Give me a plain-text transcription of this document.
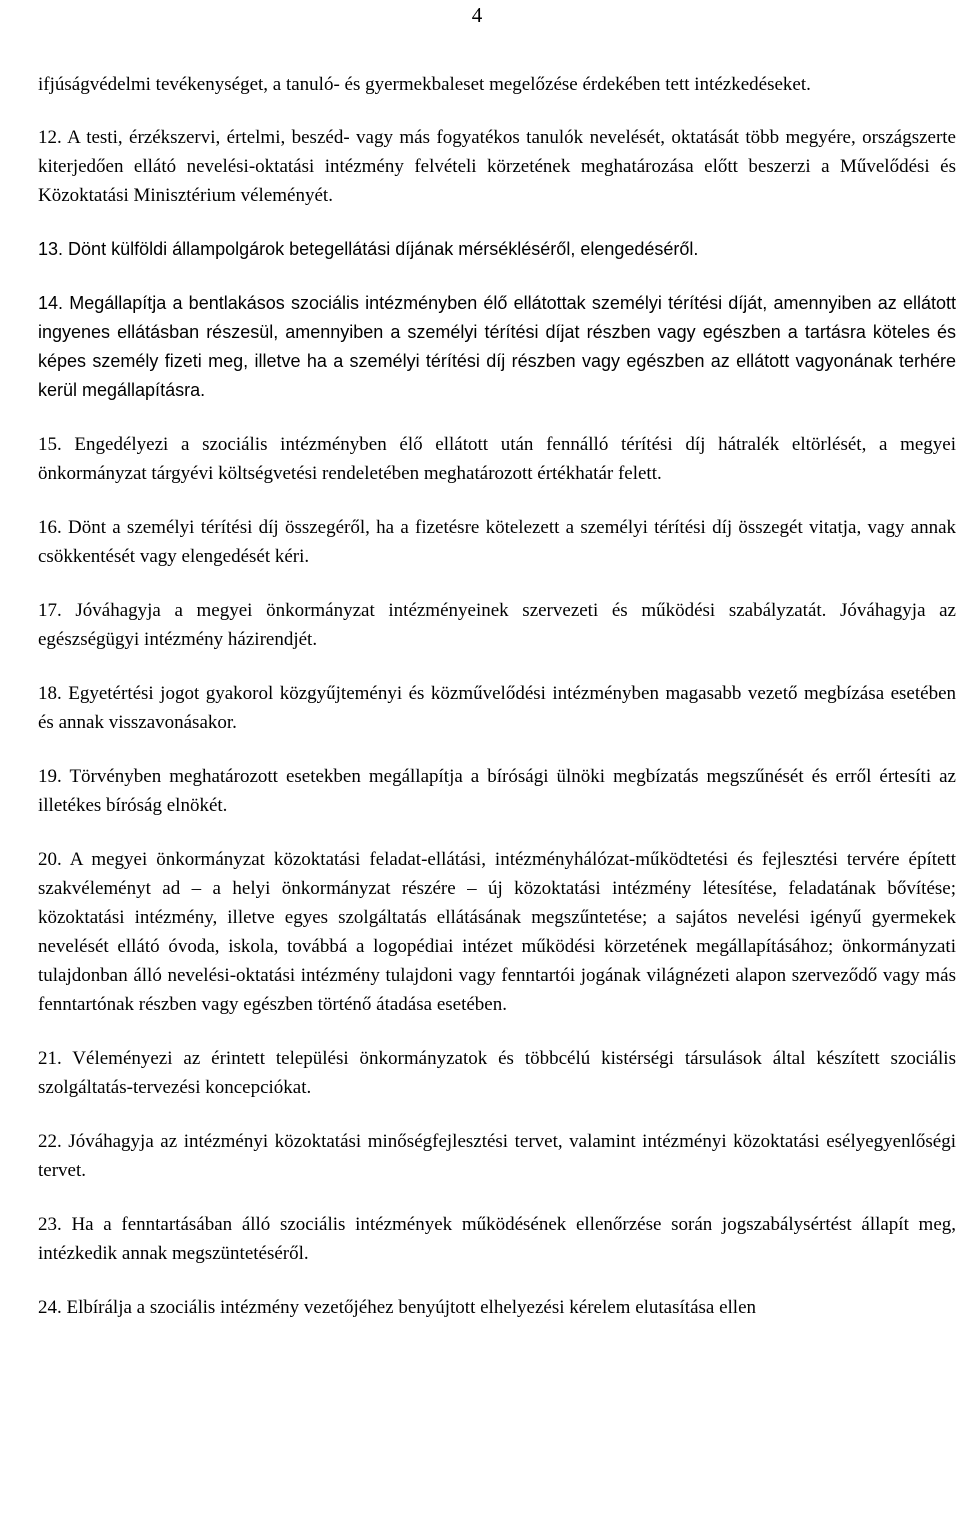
4

ifjúságvédelmi tevékenységet, a tanuló- és gyermekbaleset megelőzése érdekében tett intézkedéseket.

12. A testi, érzékszervi, értelmi, beszéd- vagy más fogyatékos tanulók nevelését, oktatását több megyére, országszerte kiterjedően ellátó nevelési-oktatási intézmény felvételi körzetének meghatározása előtt beszerzi a Művelődési és Közoktatási Minisztérium véleményét.

13. Dönt külföldi állampolgárok betegellátási díjának mérsékléséről, elengedéséről.

14. Megállapítja a bentlakásos szociális intézményben élő ellátottak személyi térítési díját, amennyiben az ellátott ingyenes ellátásban részesül, amennyiben a személyi térítési díjat részben vagy egészben a tartásra köteles és képes személy fizeti meg, illetve ha a személyi térítési díj részben vagy egészben az ellátott vagyonának terhére kerül megállapításra.

15. Engedélyezi a szociális intézményben élő ellátott után fennálló térítési díj hátralék eltörlését, a megyei önkormányzat tárgyévi költségvetési rendeletében meghatározott értékhatár felett.

16. Dönt a személyi térítési díj összegéről, ha a fizetésre kötelezett a személyi térítési díj összegét vitatja, vagy annak csökkentését vagy elengedését kéri.

17. Jóváhagyja a megyei önkormányzat intézményeinek szervezeti és működési szabályzatát. Jóváhagyja az egészségügyi intézmény házirendjét.

18. Egyetértési jogot gyakorol közgyűjteményi és közművelődési intézményben magasabb vezető megbízása esetében és annak visszavonásakor.

19. Törvényben meghatározott esetekben megállapítja a bírósági ülnöki megbízatás megszűnését és erről értesíti az illetékes bíróság elnökét.

20. A megyei önkormányzat közoktatási feladat-ellátási, intézményhálózat-működtetési és fejlesztési tervére épített szakvéleményt ad – a helyi önkormányzat részére – új közoktatási intézmény létesítése, feladatának bővítése; közoktatási intézmény, illetve egyes szolgáltatás ellátásának megszűntetése; a sajátos nevelési igényű gyermekek nevelését ellátó óvoda, iskola, továbbá a logopédiai intézet működési körzetének megállapításához; önkormányzati tulajdonban álló nevelési-oktatási intézmény tulajdoni vagy fenntartói jogának világnézeti alapon szerveződő vagy más fenntartónak részben vagy egészben történő átadása esetében.

21. Véleményezi az érintett települési önkormányzatok és többcélú kistérségi társulások által készített szociális szolgáltatás-tervezési koncepciókat.

22. Jóváhagyja az intézményi közoktatási minőségfejlesztési tervet, valamint intézményi közoktatási esélyegyenlőségi tervet.

23. Ha a fenntartásában álló szociális intézmények működésének ellenőrzése során jogszabálysértést állapít meg, intézkedik annak megszüntetéséről.

24. Elbírálja a szociális intézmény vezetőjéhez benyújtott elhelyezési kérelem elutasítása ellen
